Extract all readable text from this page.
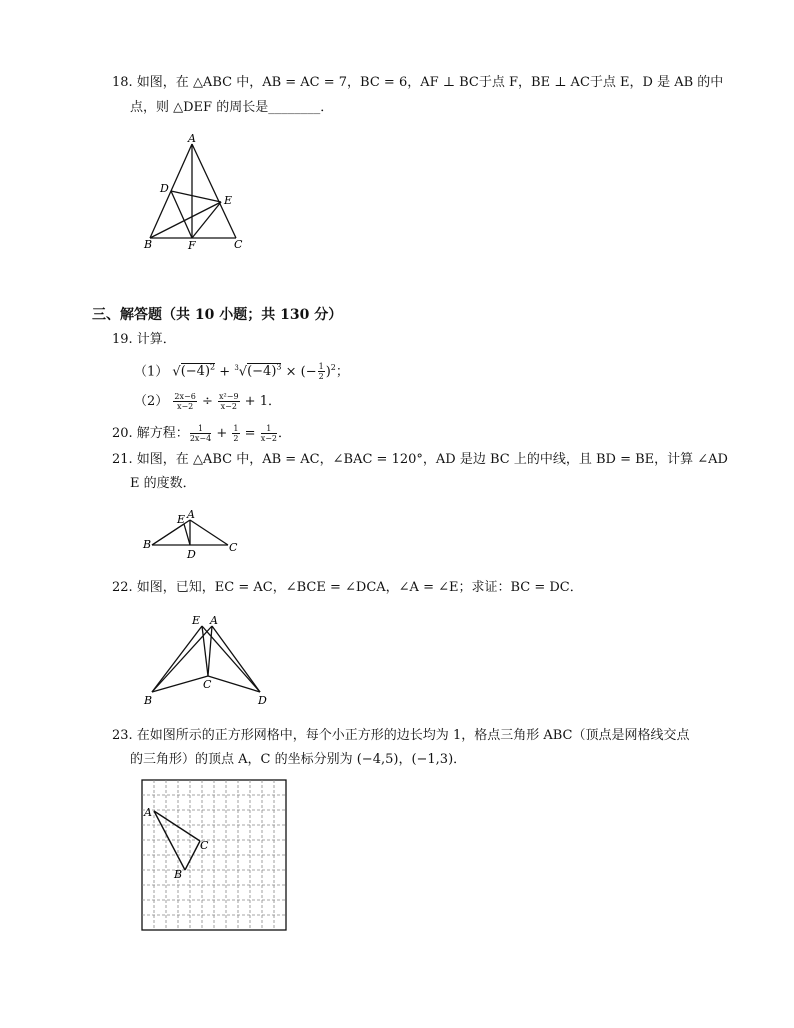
18. 如图，在 △ABC 中，AB = AC = 7，BC = 6，AF ⊥ BC于点 F，BE ⊥ AC于点 E，D 是 AB 的中
点，则 △DEF 的周长是________．
A
D
E
B	F	C
三、解答题（共 10 小题；共 130 分）
19. 计算．
（1） $√(-4)^2 + ^3√(-4)^3$ × (− $\frac{1}{2} )^2$；
$(2) \frac{2x-6}{x-2} \div \frac{\text{x²−9}}{x-2} + 1$．
20. 解方程： $\frac{1}{2x-4} + \frac{1}{2} = \frac{1}{x-2}$ ．
21. 如图，在 △ABC 中，AB = AC，∠BAC = 120°，AD 是边 BC 上的中线，且 BD = BE，计算 ∠AD
E 的度数．
E A
B
D
C
22. 如图，已知，EC = AC，∠BCE = ∠DCA，∠A = ∠E；求证：BC = DC．
E A
B
C
D
23. 在如图所示的正方形网格中，每个小正方形的边长均为 1，格点三角形 ABC（顶点是网格线交点
的三角形）的顶点 A，C 的坐标分别为 (−4,5)，(−1,3)．
A
C
B
